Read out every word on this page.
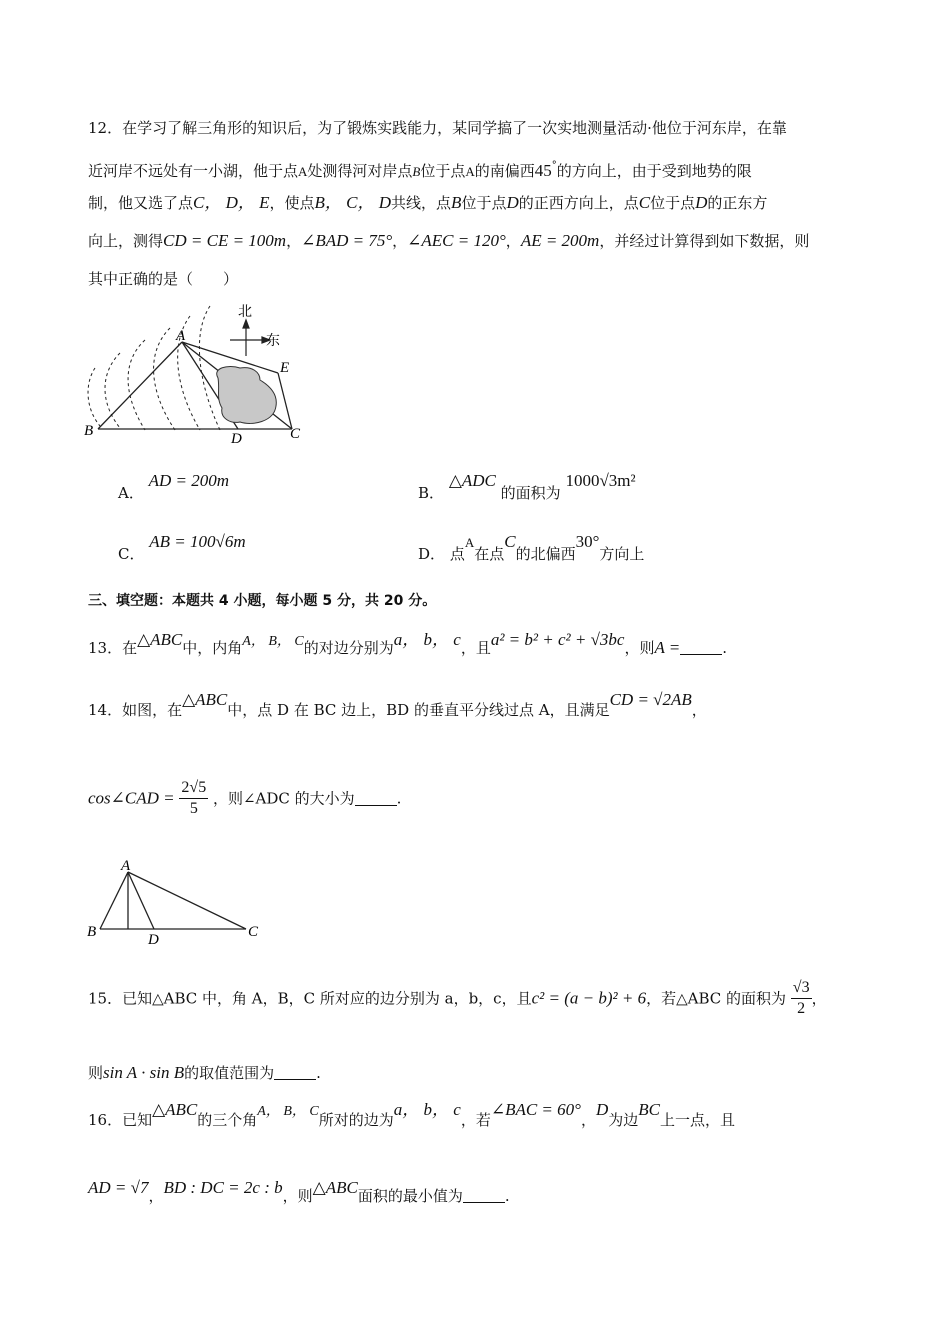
12．在学习了解三角形的知识后，为了锻炼实践能力，某同学搞了一次实地测量活动·他位于河东岸，在靠
近河岸不远处有一小湖，他于点A处测得河对岸点B位于点A的南偏西45°的方向上，由于受到地势的限
制，他又选了点C， D， E，使点B， C， D共线，点B位于点D的正西方向上，点C位于点D的正东方
向上，测得CD = CE = 100m，∠BAD = 75°，∠AEC = 120°，AE = 200m，并经过计算得到如下数据，则
其中正确的是（　　）
北
东
A
B	C
D
E
A． AD = 200m
B． △ADC 的面积为 1000√3m²
C． AB = 100√6m
D． 点A在点C的北偏西30°方向上
三、填空题：本题共 4 小题，每小题 5 分，共 20 分。
13．在△ABC中，内角A， B， C的对边分别为a， b， c，且a² = b² + c² + √3bc，则A =	.
14．如图，在△ABC中，点 D 在 BC 边上，BD 的垂直平分线过点 A，且满足CD = √2AB，
cos∠CAD = $\frac{2√5}{5}$ ，则∠ADC 的大小为	.
A
B	C
D
15．已知△ABC 中，角 A，B，C 所对应的边分别为 a，b，c，且c² = (a − b)² + 6，若△ABC 的面积为 $\frac{√3}{2}$ ，
则sin A · sin B的取值范围为	.
16．已知△ABC的三个角A， B， C所对的边为a， b， c，若∠BAC = 60°，D为边BC上一点，且
AD = √7，BD : DC = 2c : b，则△ABC面积的最小值为	.
